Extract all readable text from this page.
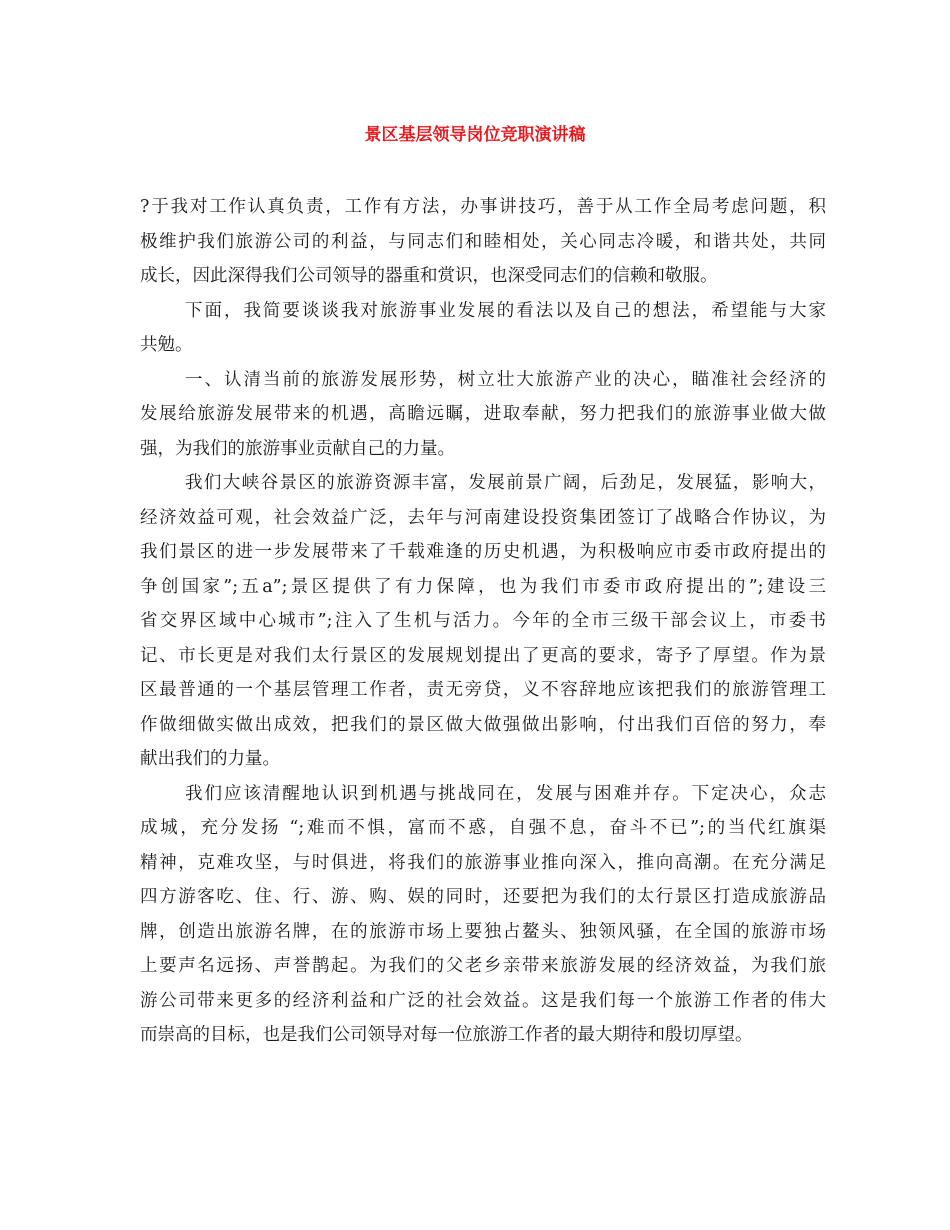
景区基层领导岗位竞职演讲稿
?于我对工作认真负责，工作有方法，办事讲技巧，善于从工作全局考虑问题，积
极维护我们旅游公司的利益，与同志们和睦相处，关心同志冷暖，和谐共处，共同
成长，因此深得我们公司领导的器重和赏识，也深受同志们的信赖和敬服。
下面，我简要谈谈我对旅游事业发展的看法以及自己的想法，希望能与大家
共勉。
一、认清当前的旅游发展形势，树立壮大旅游产业的决心，瞄准社会经济的
发展给旅游发展带来的机遇，高瞻远瞩，进取奉献，努力把我们的旅游事业做大做
强，为我们的旅游事业贡献自己的力量。
我们大峡谷景区的旅游资源丰富，发展前景广阔，后劲足，发展猛，影响大，
经济效益可观，社会效益广泛，去年与河南建设投资集团签订了战略合作协议，为
我们景区的进一步发展带来了千载难逢的历史机遇，为积极响应市委市政府提出的
争创国家”;五a”;景区提供了有力保障，也为我们市委市政府提出的”;建设三
省交界区域中心城市”;注入了生机与活力。今年的全市三级干部会议上，市委书
记、市长更是对我们太行景区的发展规划提出了更高的要求，寄予了厚望。作为景
区最普通的一个基层管理工作者，责无旁贷，义不容辞地应该把我们的旅游管理工
作做细做实做出成效，把我们的景区做大做强做出影响，付出我们百倍的努力，奉
献出我们的力量。
我们应该清醒地认识到机遇与挑战同在，发展与困难并存。下定决心，众志
成城，充分发扬 “;难而不惧，富而不惑，自强不息，奋斗不已”;的当代红旗渠
精神，克难攻坚，与时俱进，将我们的旅游事业推向深入，推向高潮。在充分满足
四方游客吃、住、行、游、购、娱的同时，还要把为我们的太行景区打造成旅游品
牌，创造出旅游名牌，在的旅游市场上要独占鳌头、独领风骚，在全国的旅游市场
上要声名远扬、声誉鹊起。为我们的父老乡亲带来旅游发展的经济效益，为我们旅
游公司带来更多的经济利益和广泛的社会效益。这是我们每一个旅游工作者的伟大
而崇高的目标，也是我们公司领导对每一位旅游工作者的最大期待和殷切厚望。
